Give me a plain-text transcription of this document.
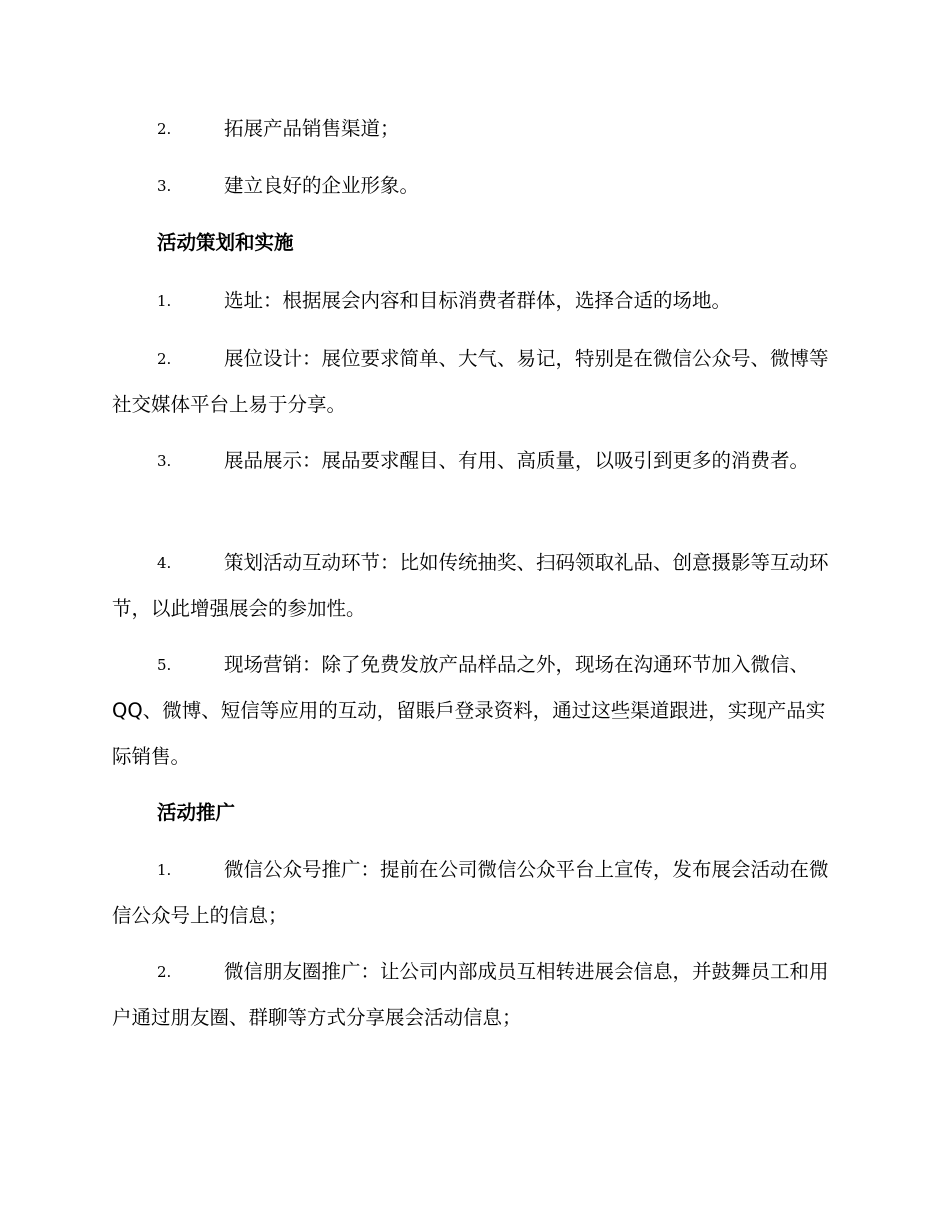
2.	拓展产品销售渠道；
3.	建立良好的企业形象。
活动策划和实施
1.	选址：根据展会内容和目标消费者群体，选择合适的场地。
2.	展位设计：展位要求简单、大气、易记，特别是在微信公众号、微博等社交媒体平台上易于分享。
3.	展品展示：展品要求醒目、有用、高质量，以吸引到更多的消费者。
4.	策划活动互动环节：比如传统抽奖、扫码领取礼品、创意摄影等互动环节，以此增强展会的参加性。
5.	现场营销：除了免费发放产品样品之外，现场在沟通环节加入微信、QQ、微博、短信等应用的互动，留賬戶登录资料，通过这些渠道跟进，实现产品实际销售。
活动推广
1.	微信公众号推广：提前在公司微信公众平台上宣传，发布展会活动在微信公众号上的信息；
2.	微信朋友圈推广：让公司内部成员互相转进展会信息，并鼓舞员工和用户通过朋友圈、群聊等方式分享展会活动信息；
